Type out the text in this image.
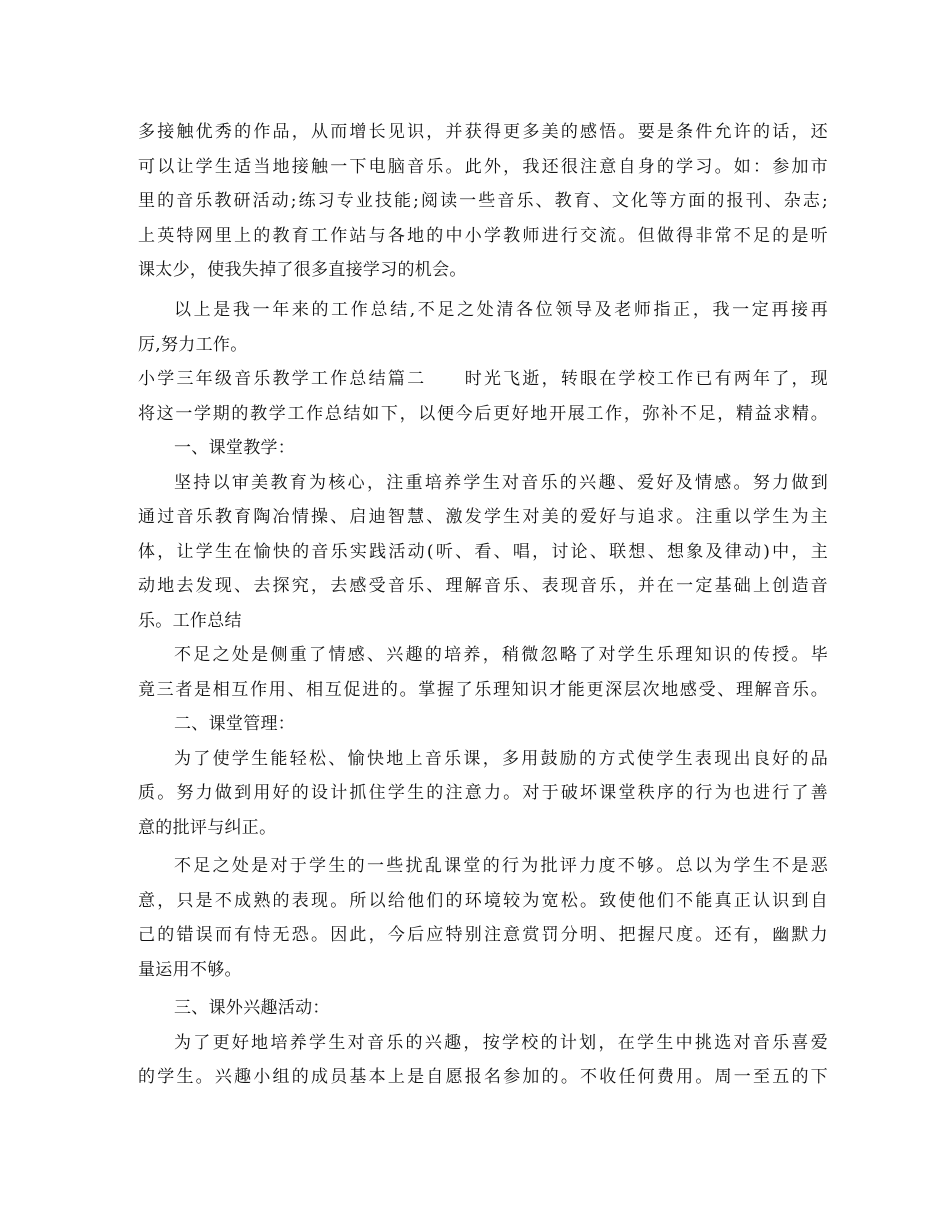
多接触优秀的作品，从而增长见识，并获得更多美的感悟。要是条件允许的话，还
可以让学生适当地接触一下电脑音乐。此外，我还很注意自身的学习。如：参加市
里的音乐教研活动;练习专业技能;阅读一些音乐、教育、文化等方面的报刊、杂志;
上英特网里上的教育工作站与各地的中小学教师进行交流。但做得非常不足的是听
课太少，使我失掉了很多直接学习的机会。
以上是我一年来的工作总结,不足之处清各位领导及老师指正，我一定再接再
厉,努力工作。
小学三年级音乐教学工作总结篇二　　时光飞逝，转眼在学校工作已有两年了，现
将这一学期的教学工作总结如下，以便今后更好地开展工作，弥补不足，精益求精。
一、课堂教学：
坚持以审美教育为核心，注重培养学生对音乐的兴趣、爱好及情感。努力做到
通过音乐教育陶冶情操、启迪智慧、激发学生对美的爱好与追求。注重以学生为主
体，让学生在愉快的音乐实践活动(听、看、唱，讨论、联想、想象及律动)中，主
动地去发现、去探究，去感受音乐、理解音乐、表现音乐，并在一定基础上创造音
乐。工作总结
不足之处是侧重了情感、兴趣的培养，稍微忽略了对学生乐理知识的传授。毕
竟三者是相互作用、相互促进的。掌握了乐理知识才能更深层次地感受、理解音乐。
二、课堂管理：
为了使学生能轻松、愉快地上音乐课，多用鼓励的方式使学生表现出良好的品
质。努力做到用好的设计抓住学生的注意力。对于破坏课堂秩序的行为也进行了善
意的批评与纠正。
不足之处是对于学生的一些扰乱课堂的行为批评力度不够。总以为学生不是恶
意，只是不成熟的表现。所以给他们的环境较为宽松。致使他们不能真正认识到自
己的错误而有恃无恐。因此，今后应特别注意赏罚分明、把握尺度。还有，幽默力
量运用不够。
三、课外兴趣活动：
为了更好地培养学生对音乐的兴趣，按学校的计划，在学生中挑选对音乐喜爱
的学生。兴趣小组的成员基本上是自愿报名参加的。不收任何费用。周一至五的下
